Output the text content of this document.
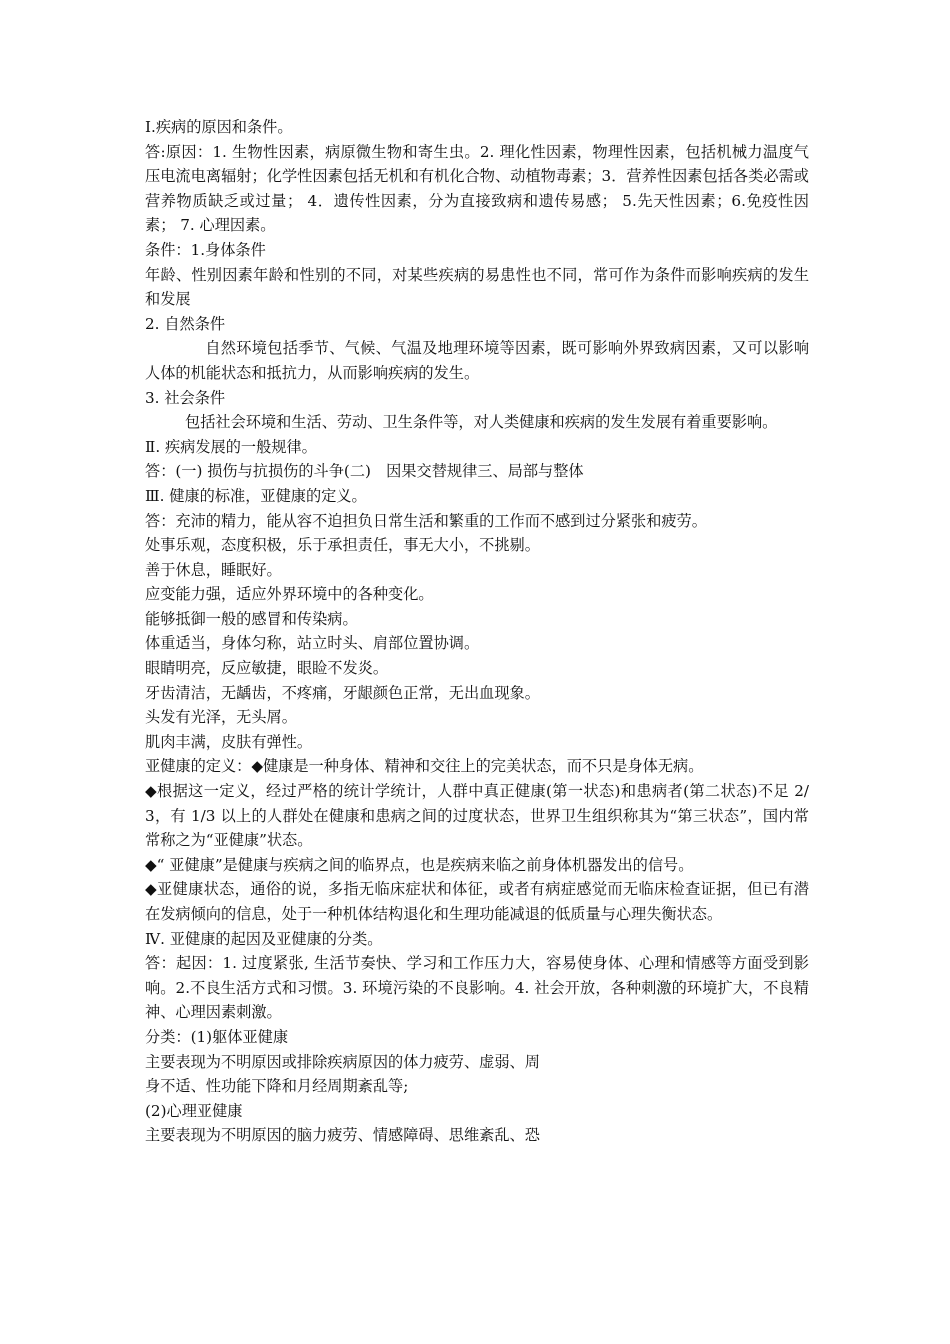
Ⅰ.疾病的原因和条件。

答:原因：1. 生物性因素，病原微生物和寄生虫。2. 理化性因素，物理性因素，包括机械力温度气压电流电离辐射；化学性因素包括无机和有机化合物、动植物毒素；3．营养性因素包括各类必需或营养物质缺乏或过量； 4．遗传性因素，分为直接致病和遗传易感； 5.先天性因素；6.免疫性因素； 7. 心理因素。

条件：1.身体条件

年龄、性别因素年龄和性别的不同，对某些疾病的易患性也不同，常可作为条件而影响疾病的发生和发展

2. 自然条件

自然环境包括季节、气候、气温及地理环境等因素，既可影响外界致病因素，又可以影响人体的机能状态和抵抗力，从而影响疾病的发生。

3. 社会条件

包括社会环境和生活、劳动、卫生条件等，对人类健康和疾病的发生发展有着重要影响。

Ⅱ. 疾病发展的一般规律。

答：(一) 损伤与抗损伤的斗争(二)　因果交替规律三、局部与整体

Ⅲ. 健康的标准，亚健康的定义。

答：充沛的精力，能从容不迫担负日常生活和繁重的工作而不感到过分紧张和疲劳。

处事乐观，态度积极，乐于承担责任，事无大小，不挑剔。

善于休息，睡眠好。

应变能力强，适应外界环境中的各种变化。

能够抵御一般的感冒和传染病。

体重适当，身体匀称，站立时头、肩部位置协调。

眼睛明亮，反应敏捷，眼睑不发炎。

牙齿清洁，无龋齿，不疼痛，牙龈颜色正常，无出血现象。

头发有光泽，无头屑。

肌肉丰满，皮肤有弹性。

亚健康的定义：◆健康是一种身体、精神和交往上的完美状态，而不只是身体无病。

◆根据这一定义，经过严格的统计学统计，人群中真正健康(第一状态)和患病者(第二状态)不足 2/3，有 1/3 以上的人群处在健康和患病之间的过度状态，世界卫生组织称其为“第三状态”，国内常常称之为“亚健康”状态。

◆“ 亚健康”是健康与疾病之间的临界点，也是疾病来临之前身体机器发出的信号。

◆亚健康状态，通俗的说，多指无临床症状和体征，或者有病症感觉而无临床检查证据，但已有潜在发病倾向的信息，处于一种机体结构退化和生理功能减退的低质量与心理失衡状态。

Ⅳ. 亚健康的起因及亚健康的分类。

答：起因：1. 过度紧张, 生活节奏快、学习和工作压力大，容易使身体、心理和情感等方面受到影响。2.不良生活方式和习惯。3. 环境污染的不良影响。4. 社会开放，各种刺激的环境扩大，不良精神、心理因素刺激。

分类：(1)躯体亚健康

主要表现为不明原因或排除疾病原因的体力疲劳、虚弱、周

身不适、性功能下降和月经周期紊乱等;

(2)心理亚健康

主要表现为不明原因的脑力疲劳、情感障碍、思维紊乱、恐
